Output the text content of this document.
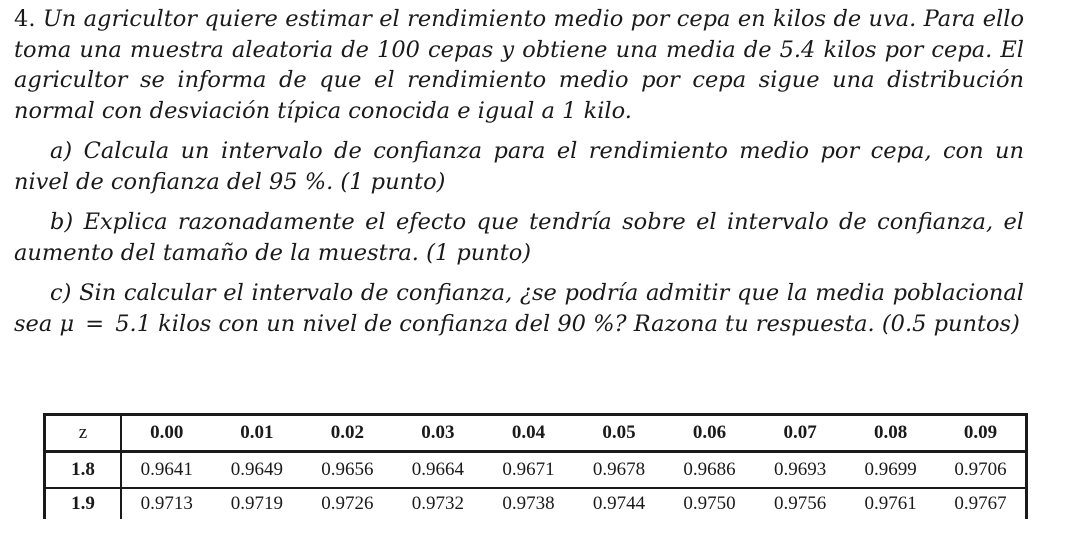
4. Un agricultor quiere estimar el rendimiento medio por cepa en kilos de uva. Para ello toma una muestra aleatoria de 100 cepas y obtiene una media de 5.4 kilos por cepa. El agricultor se informa de que el rendimiento medio por cepa sigue una distribución normal con desviación típica conocida e igual a 1 kilo.

a) Calcula un intervalo de confianza para el rendimiento medio por cepa, con un nivel de confianza del 95 %. (1 punto)

b) Explica razonadamente el efecto que tendría sobre el intervalo de confianza, el aumento del tamaño de la muestra. (1 punto)

c) Sin calcular el intervalo de confianza, ¿se podría admitir que la media poblacional sea μ = 5.1 kilos con un nivel de confianza del 90 %? Razona tu respuesta. (0.5 puntos)

z	0.00	0.01	0.02	0.03	0.04	0.05	0.06	0.07	0.08	0.09
1.8	0.9641	0.9649	0.9656	0.9664	0.9671	0.9678	0.9686	0.9693	0.9699	0.9706
1.9	0.9713	0.9719	0.9726	0.9732	0.9738	0.9744	0.9750	0.9756	0.9761	0.9767
